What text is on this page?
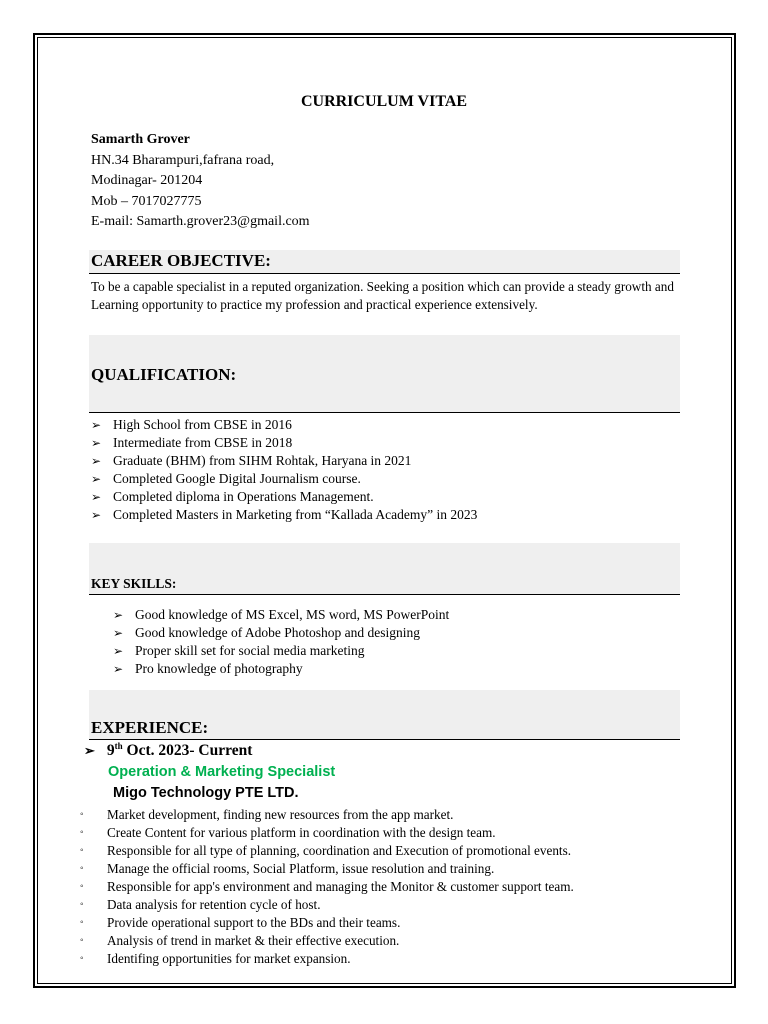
CURRICULUM VITAE
Samarth Grover
HN.34 Bharampuri,fafrana road,
Modinagar- 201204
Mob – 7017027775
E-mail: Samarth.grover23@gmail.com
CAREER OBJECTIVE:
To be a capable specialist in a reputed organization. Seeking a position which can provide a steady growth and Learning opportunity to practice my profession and practical experience extensively.
QUALIFICATION:
➢ High School from CBSE in 2016
➢ Intermediate from CBSE in 2018
➢ Graduate (BHM) from SIHM Rohtak, Haryana in 2021
➢ Completed Google Digital Journalism course.
➢ Completed diploma in Operations Management.
➢ Completed Masters in Marketing from “Kallada Academy” in 2023
KEY SKILLS:
➢ Good knowledge of MS Excel, MS word, MS PowerPoint
➢ Good knowledge of Adobe Photoshop and designing
➢ Proper skill set for social media marketing
➢ Pro knowledge of photography
EXPERIENCE:
➢ 9th Oct. 2023- Current
Operation & Marketing Specialist
Migo Technology PTE LTD.
◦ Market development, finding new resources from the app market.
◦ Create Content for various platform in coordination with the design team.
◦ Responsible for all type of planning, coordination and Execution of promotional events.
◦ Manage the official rooms, Social Platform, issue resolution and training.
◦ Responsible for app's environment and managing the Monitor & customer support team.
◦ Data analysis for retention cycle of host.
◦ Provide operational support to the BDs and their teams.
◦ Analysis of trend in market & their effective execution.
◦ Identifing opportunities for market expansion.
